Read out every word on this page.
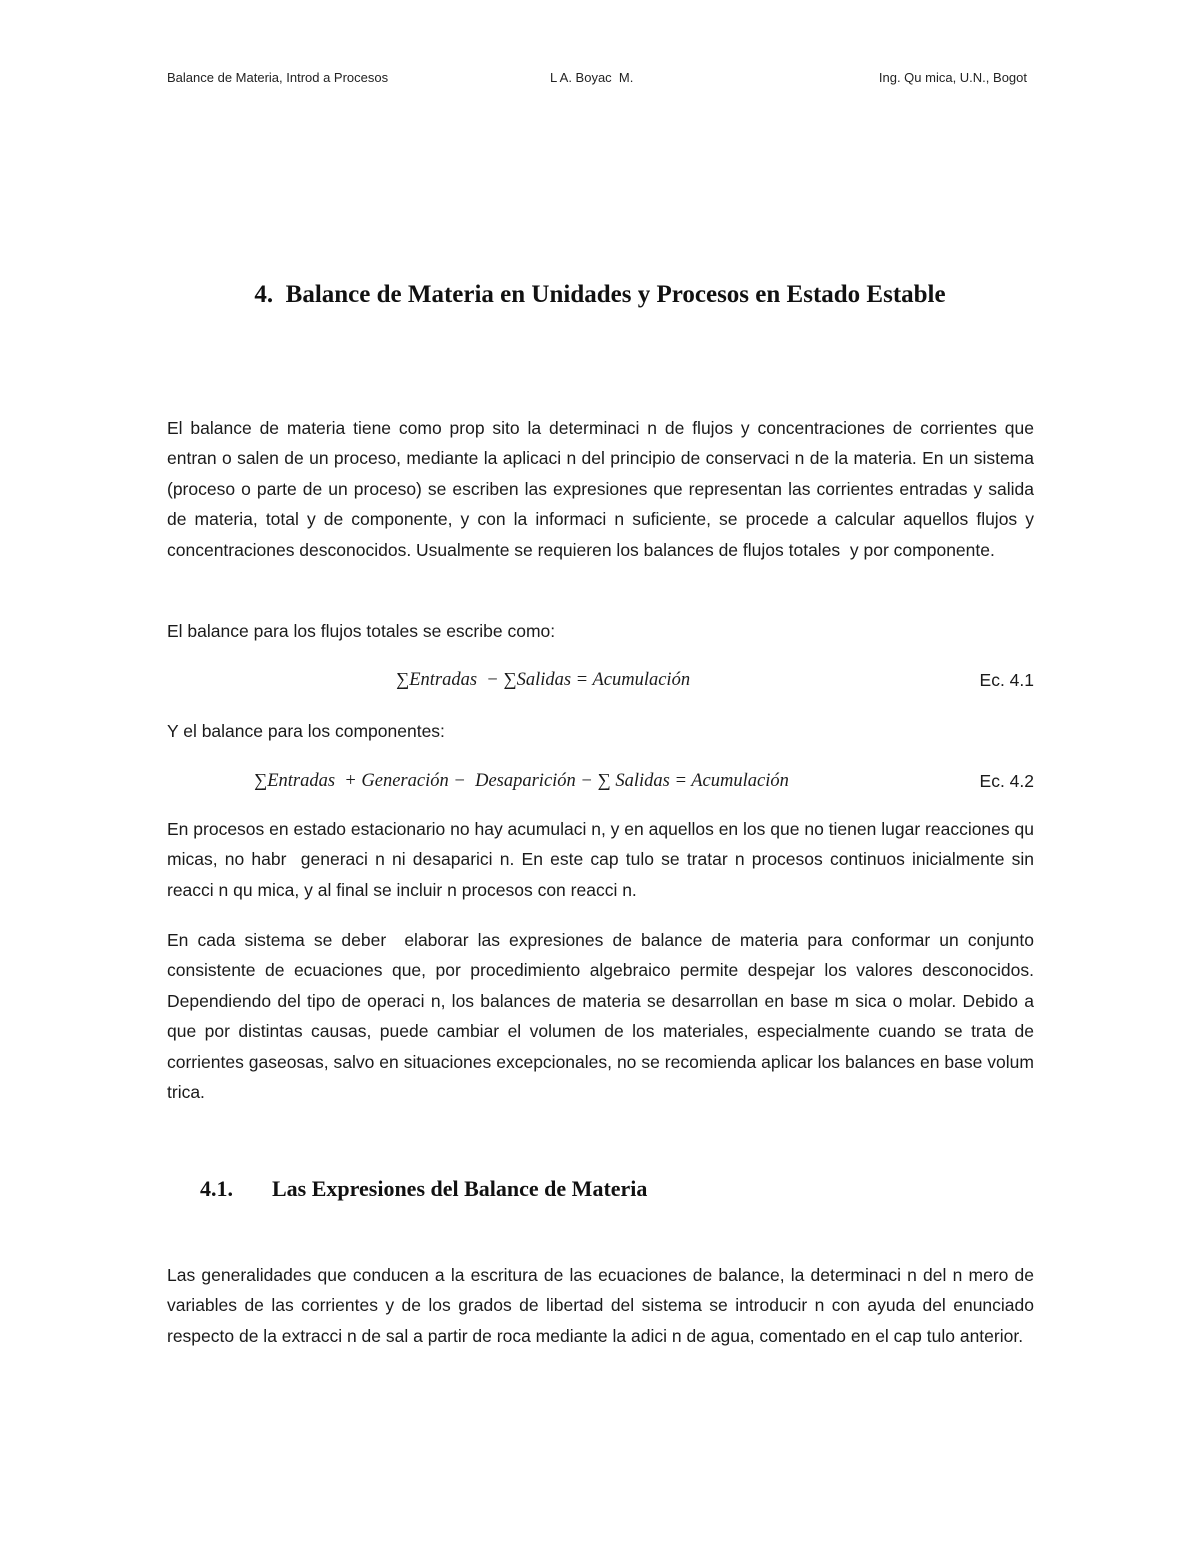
Balance de Materia, Introd a Procesos	L A. Boyac  M.	Ing. Qu mica, U.N., Bogot
4.  Balance de Materia en Unidades y Procesos en Estado Estable

El balance de materia tiene como prop sito la determinaci n de flujos y concentraciones de corrientes que entran o salen de un proceso, mediante la aplicaci n del principio de conservaci n de la materia. En un sistema (proceso o parte de un proceso) se escriben las expresiones que representan las corrientes entradas y salida de materia, total y de componente, y con la informaci n suficiente, se procede a calcular aquellos flujos y concentraciones desconocidos. Usualmente se requieren los balances de flujos totales  y por componente.

El balance para los flujos totales se escribe como:

∑Entradas  − ∑Salidas = Acumulación	Ec. 4.1

Y el balance para los componentes:

∑Entradas  + Generación −  Desaparición − ∑ Salidas = Acumulación	Ec. 4.2

En procesos en estado estacionario no hay acumulaci n, y en aquellos en los que no tienen lugar reacciones qu micas, no habr  generaci n ni desaparici n. En este cap tulo se tratar n procesos continuos inicialmente sin reacci n qu mica, y al final se incluir n procesos con reacci n.

En cada sistema se deber  elaborar las expresiones de balance de materia para conformar un conjunto consistente de ecuaciones que, por procedimiento algebraico permite despejar los valores desconocidos. Dependiendo del tipo de operaci n, los balances de materia se desarrollan en base m sica o molar. Debido a que por distintas causas, puede cambiar el volumen de los materiales, especialmente cuando se trata de corrientes gaseosas, salvo en situaciones excepcionales, no se recomienda aplicar los balances en base volum trica.

4.1. Las Expresiones del Balance de Materia

Las generalidades que conducen a la escritura de las ecuaciones de balance, la determinaci n del n mero de variables de las corrientes y de los grados de libertad del sistema se introducir n con ayuda del enunciado respecto de la extracci n de sal a partir de roca mediante la adici n de agua, comentado en el cap tulo anterior.
